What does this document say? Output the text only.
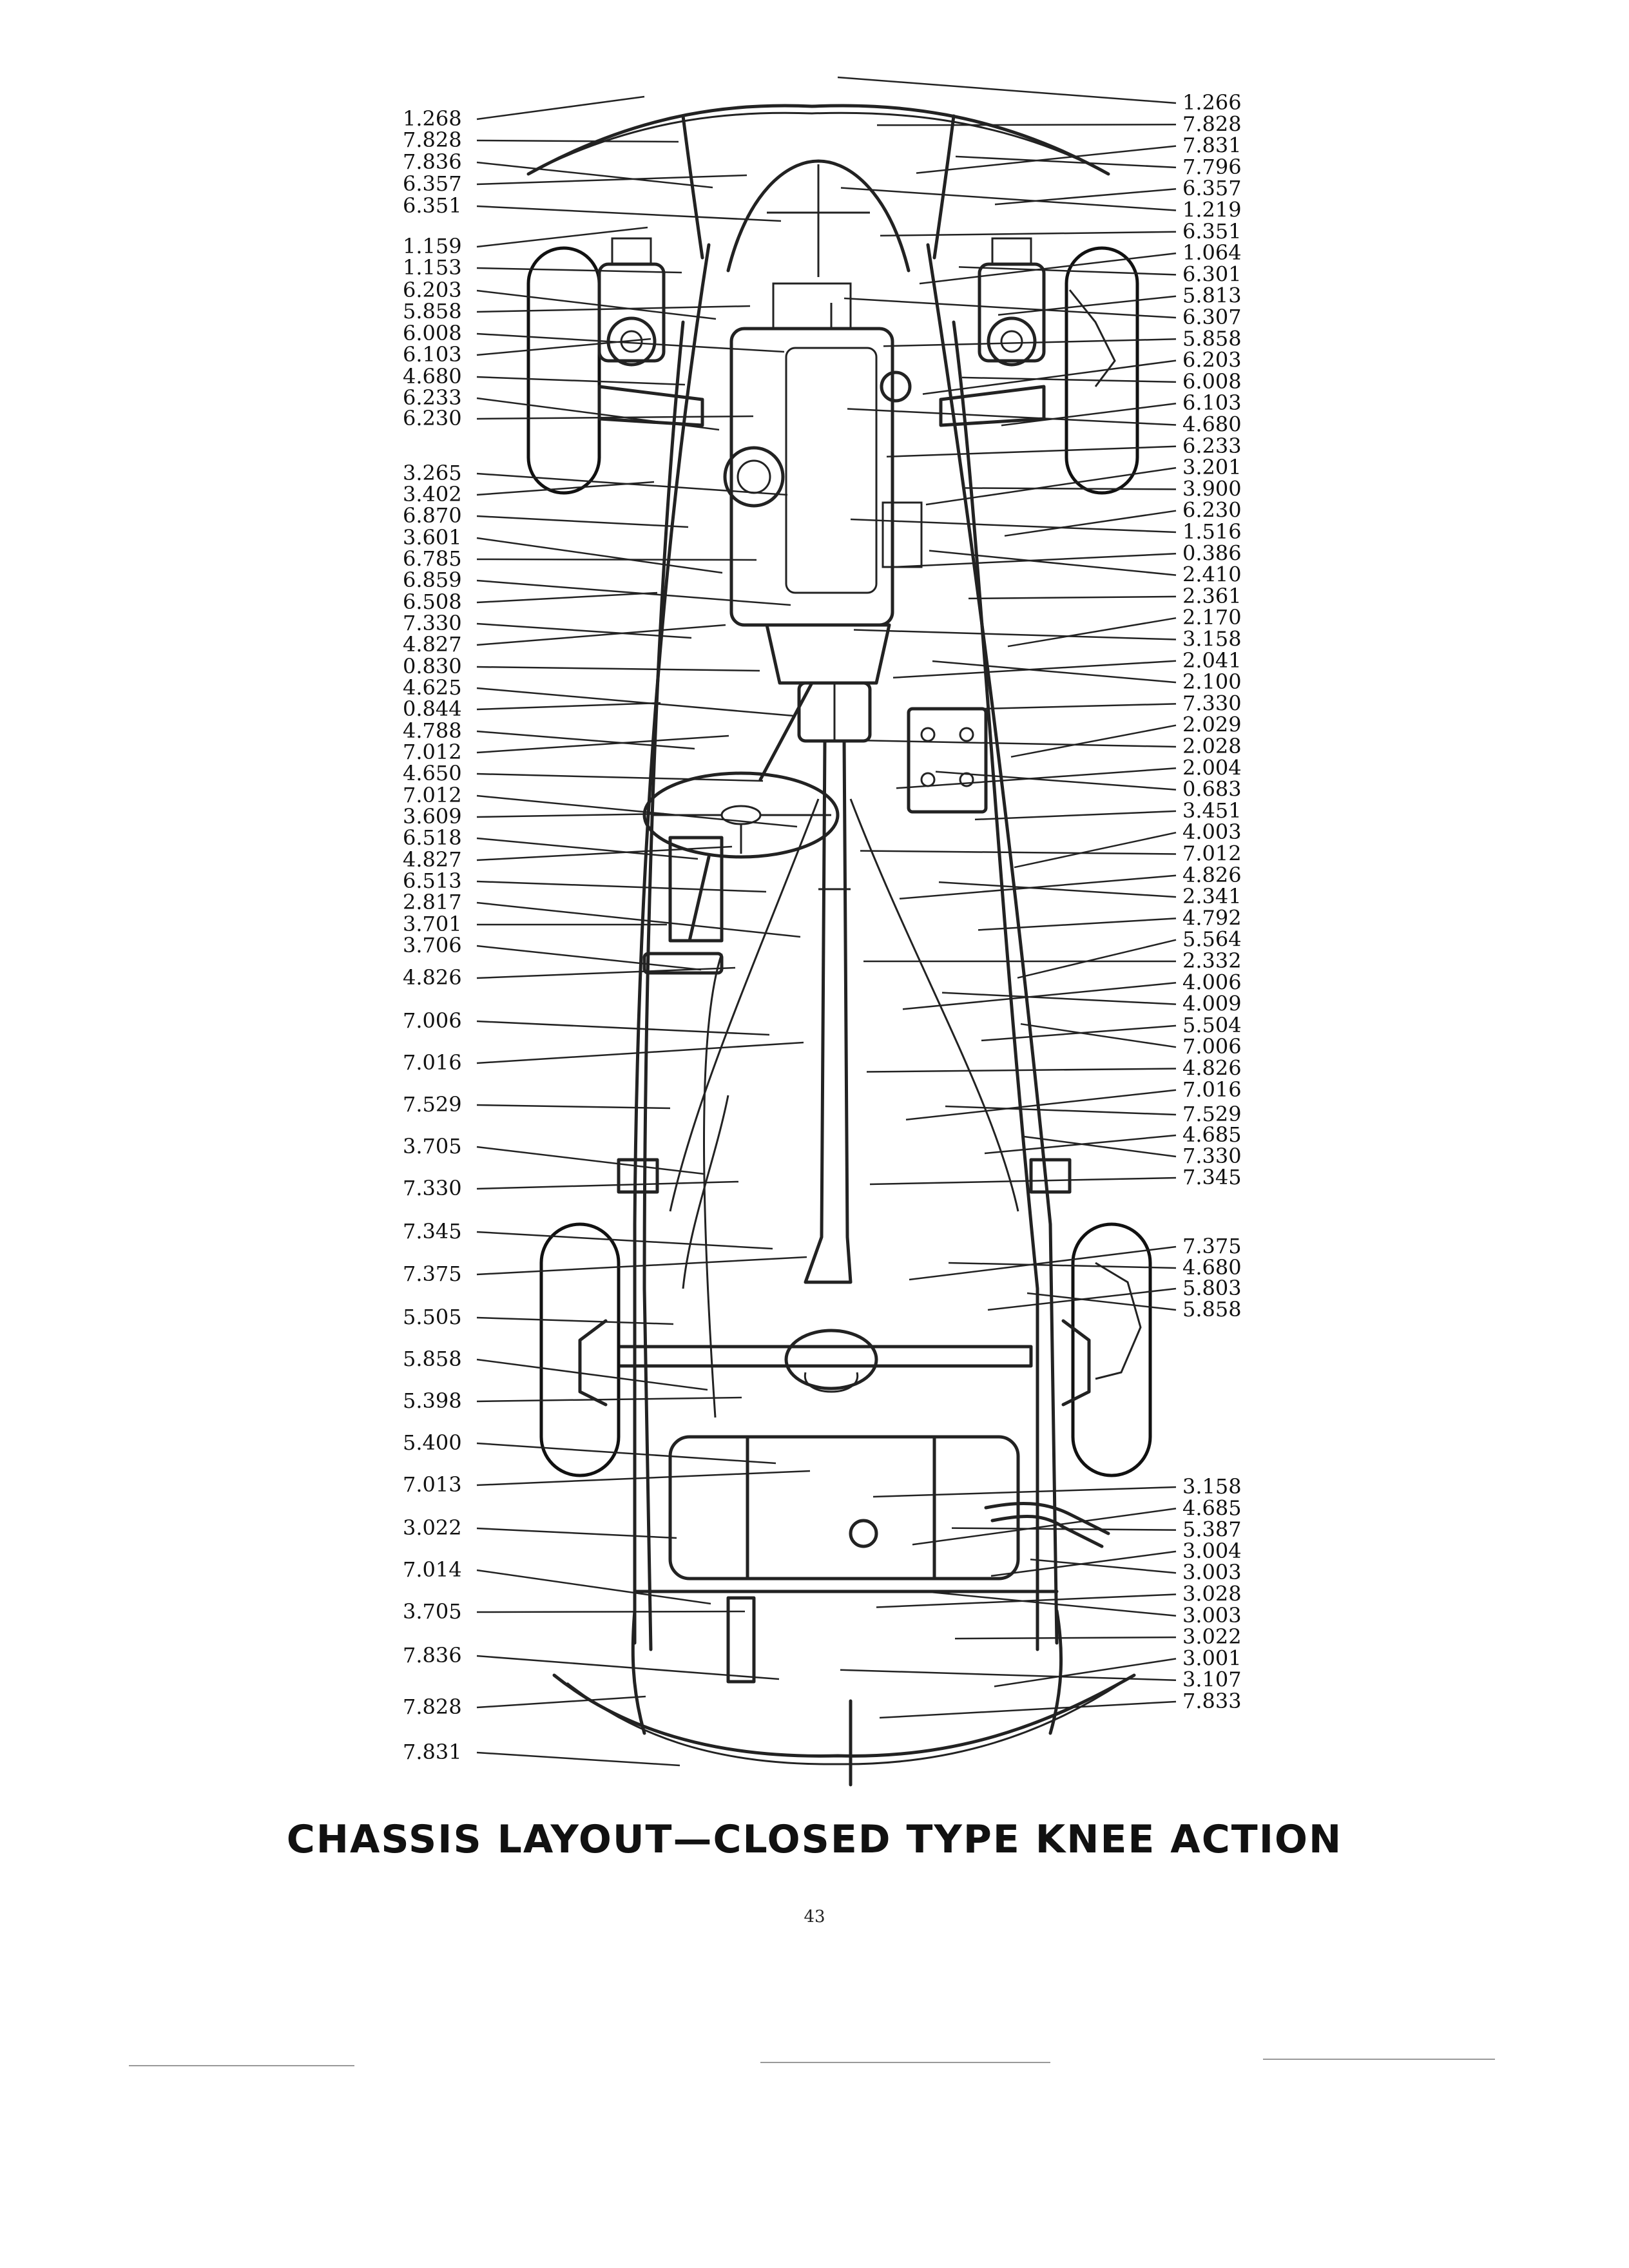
1.268
7.828
7.836
6.357
6.351
1.159
1.153
6.203
5.858
6.008
6.103
4.680
6.233
6.230
3.265
3.402
6.870
3.601
6.785
6.859
6.508
7.330
4.827
0.830
4.625
0.844
4.788
7.012
4.650
7.012
3.609
6.518
4.827
6.513
2.817
3.701
3.706
4.826
7.006
7.016
7.529
3.705
7.330
7.345
7.375
5.505
5.858
5.398
5.400
7.013
3.022
7.014
3.705
7.836
7.828
7.831
1.266
7.828
7.831
7.796
6.357
1.219
6.351
1.064
6.301
5.813
6.307
5.858
6.203
6.008
6.103
4.680
6.233
3.201
3.900
6.230
1.516
0.386
2.410
2.361
2.170
3.158
2.041
2.100
7.330
2.029
2.028
2.004
0.683
3.451
4.003
7.012
4.826
2.341
4.792
5.564
2.332
4.006
4.009
5.504
7.006
4.826
7.016
7.529
4.685
7.330
7.345
7.375
4.680
5.803
5.858
3.158
4.685
5.387
3.004
3.003
3.028
3.003
3.022
3.001
3.107
7.833
CHASSIS LAYOUT—CLOSED TYPE KNEE ACTION
43
